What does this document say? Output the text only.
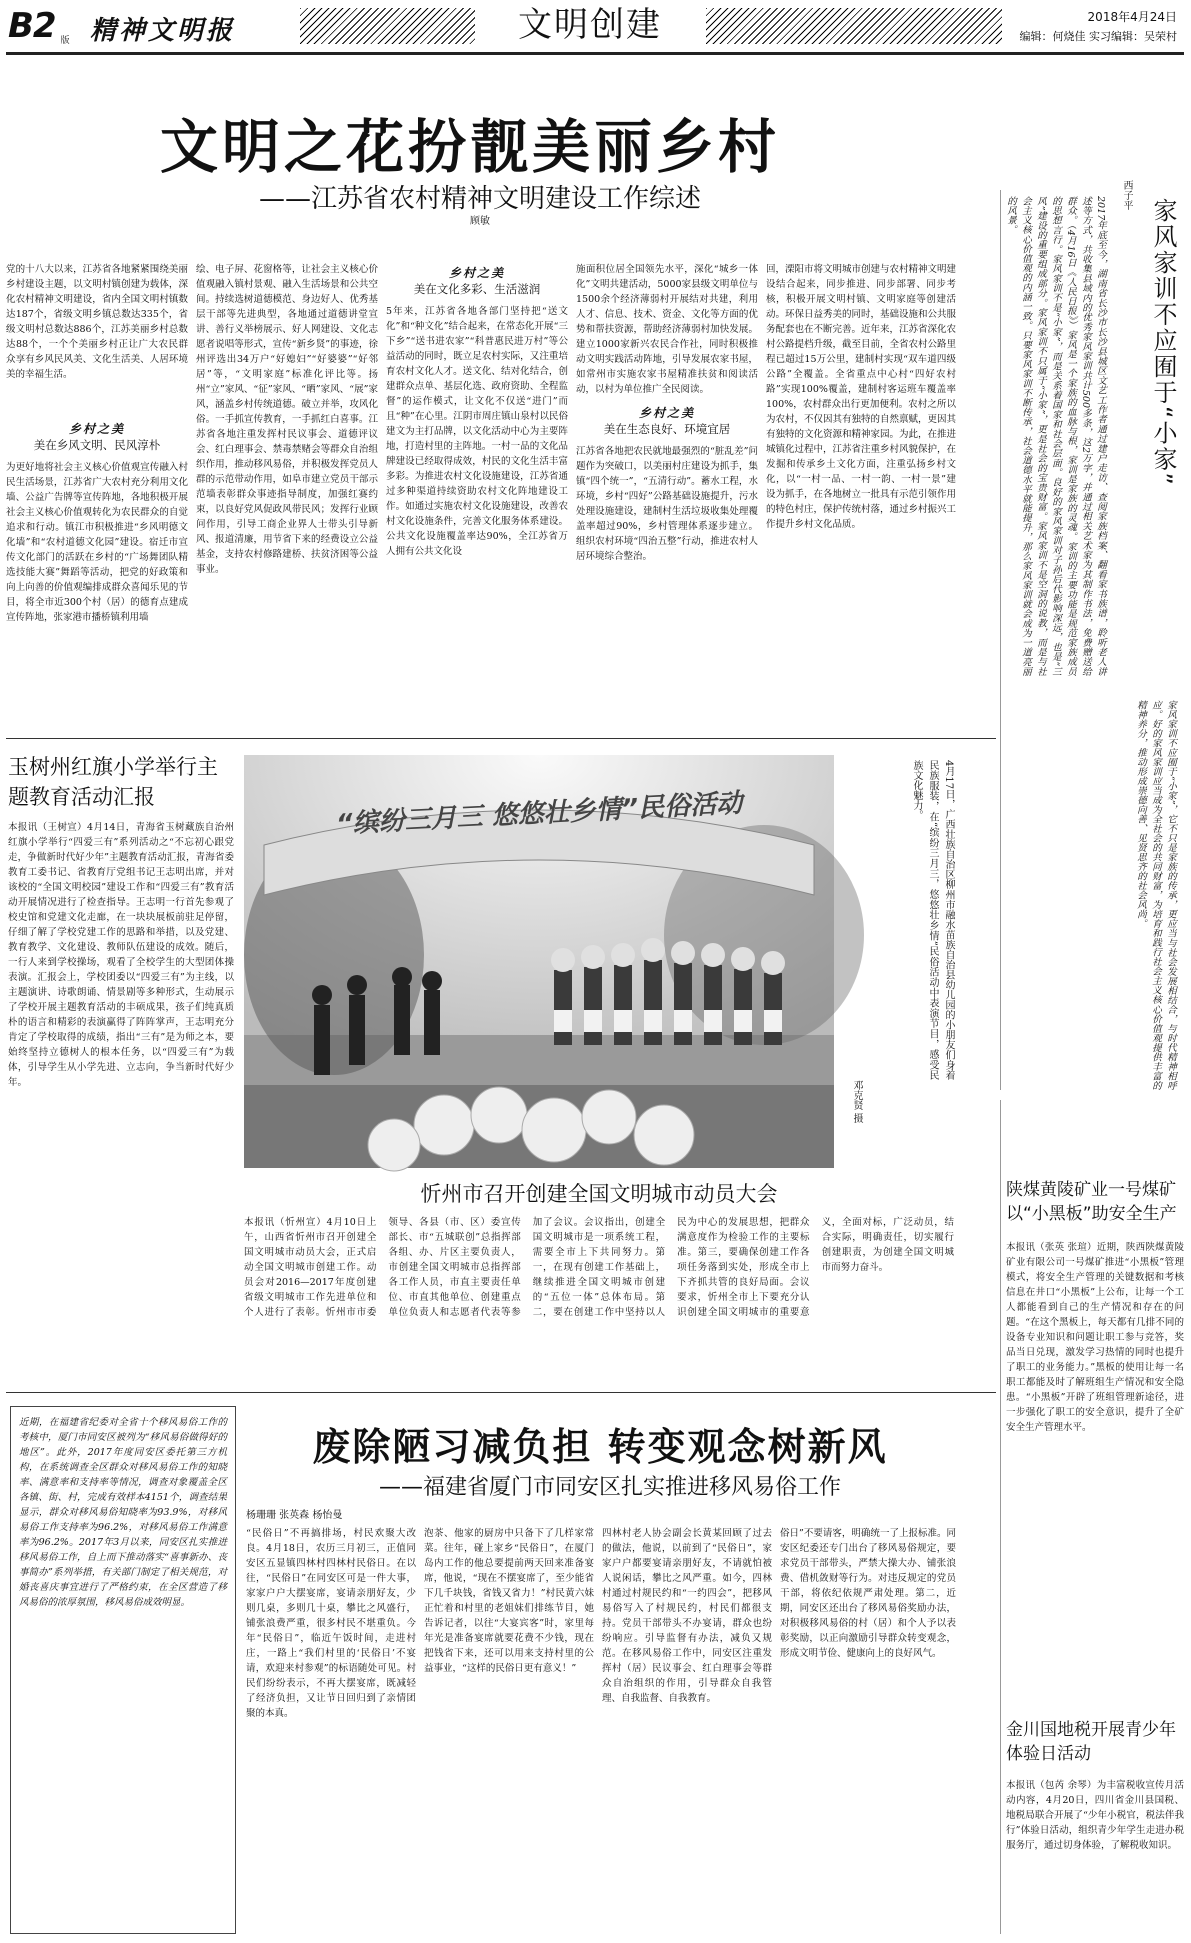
B2 版 精神文明报	文明创建	2018年4月24日
编辑：何烧佳 实习编辑：吴荣村
文明之花扮靓美丽乡村
——江苏省农村精神文明建设工作综述
顾敏
党的十八大以来，江苏省各地紧紧围绕美丽乡村建设主题，以文明村镇创建为载体，深化农村精神文明建设，省内全国文明村镇数达187个，省级文明乡镇总数达335个，省级文明村总数达886个，江苏美丽乡村总数达88个，一个个美丽乡村正让广大农民群众享有乡风民风美、文化生活美、人居环境美的幸福生活。
乡村之美
美在乡风文明、民风淳朴
为更好地将社会主义核心价值观宣传融入村民生活场景，江苏省广大农村充分利用文化墙、公益广告牌等宣传阵地，各地积极开展社会主义核心价值观转化为农民群众的自觉追求和行动。镇江市积极推进“乡风明德文化墙”和“农村道德文化园”建设。宿迁市宣传文化部门的活跃在乡村的“广场舞团队精选技能大赛”舞蹈等活动，把党的好政策和向上向善的价值观编排成群众喜闻乐见的节目，将全市近300个村（居）的德育点建成宣传阵地，张家港市播桥镇利用墙
绘、电子屏、花窗格等，让社会主义核心价值观融入镇村景观、融入生活场景和公共空间。持续选树道德模范、身边好人、优秀基层干部等先进典型，各地通过道德讲堂宣讲、善行义举榜展示、好人网建设、文化志愿者说唱等形式，宣传“新乡贤”的事迹，徐州评选出34万户“好媳妇”“好婆婆”“好邻居”等，“文明家庭”标准化评比等。扬州“立”家风、“征”家风、“晒”家风、“展”家风，涵盖乡村传统道德。破立并举，攻风化俗。一手抓宣传教育，一手抓红白喜事。江苏省各地注重发挥村民议事会、道德评议会、红白理事会、禁毒禁赌会等群众自治组织作用，推动移风易俗，并积极发挥党员人群的示范带动作用，如阜市建立党员干部示范墙表彰群众事迹指导制度，加强红赛约束，以良好党风促政风带民风；发挥行业顾问作用，引导工商企业界人士带头引导新风、报道清廉，用节省下来的经费设立公益基金，支持农村修路建桥、扶贫济困等公益事业。
乡村之美
美在文化多彩、生活滋润
5年来，江苏省各地各部门坚持把“送文化”和“种文化”结合起来，在常态化开展“三下乡”“送书进农家”“科普惠民进万村”等公益活动的同时，既立足农村实际，又注重培育农村文化人才。送文化、结对化结合，创建群众点单、基层化选、政府资助、全程监督”的运作模式，让文化不仅送“进门”而且“种”在心里。江阴市周庄镇山泉村以民俗建文为主打品牌，以文化活动中心为主要阵地，打造村里的主阵地。一村一品的文化品牌建设已经取得成效，村民的文化生活丰富多彩。为推进农村文化设施建设，江苏省通过多种渠道持续资助农村文化阵地建设工作。如通过实施农村文化设施建设，改善农村文化设施条件，完善文化服务体系建设。公共文化设施覆盖率达90%，全江苏省万人拥有公共文化设
施面积位居全国领先水平，深化“城乡一体化”文明共建活动，5000家县级文明单位与1500余个经济薄弱村开展结对共建，利用人才、信息、技术、资金、文化等方面的优势和帮扶资源，帮助经济薄弱村加快发展。建立1000家新兴农民合作社，同时积极推动文明实践活动阵地，引导发展农家书屋，如常州市实施农家书屋精准扶贫和阅读活动，以村为单位推广全民阅读。
乡村之美
美在生态良好、环境宜居
江苏省各地把农民就地最强烈的“脏乱差”问题作为突破口，以美丽村庄建设为抓手，集镇“四个统一”，“五清行动”。蓄水工程，水环境，乡村“四好”公路基础设施提升，污水处理设施建设，建制村生活垃圾收集处理覆盖率超过90%，乡村管理体系逐步建立。组织农村环境“四治五整”行动，推进农村人居环境综合整治。
回，溧阳市将文明城市创建与农村精神文明建设结合起来，同步推进、同步部署、同步考核，积极开展文明村镇、文明家庭等创建活动。环保日益秀美的同时，基础设施和公共服务配套也在不断完善。近年来，江苏省深化农村公路提档升级，截至目前，全省农村公路里程已超过15万公里，建制村实现“双车道四级公路”全覆盖。全省重点中心村“四好农村路”实现100%覆盖，建制村客运班车覆盖率100%，农村群众出行更加便利。农村之所以为农村，不仅因其有独特的自然禀赋，更因其有独特的文化资源和精神家园。为此，在推进城镇化过程中，江苏省注重乡村风貌保护，在发掘和传承乡土文化方面，注重弘扬乡村文化，以“一村一品、一村一韵、一村一景”建设为抓手，在各地树立一批具有示范引领作用的特色村庄，保护传统村落，通过乡村振兴工作提升乡村文化品质。
家风家训不应囿于“小家”
西子平
2017年底至今，湖南省长沙市长沙县城区文艺工作者通过建户走访、查阅家族档案、翻看家书族谱，聆听老人讲述等方式，共收集县域内的优秀家风家训共计500多条，这2万字，并通过相关艺术家为其制作书法，免费赠送给群众。（4月16日《人民日报》）家风是一个家族的血脉与根，家训是家族的灵魂。家训的主要功能是规范家族成员的思想言行。家风家训不是“小家”，而是关系着国家和社会层面。良好的家风家训对子孙后代影响深远，也是“三风”建设的重要组成部分。家风家训不只属于“小家”，更是社会的宝贵财富。家风家训不是空洞的说教，而是与社会主义核心价值观的内涵一致。只要家风家训不断传承，社会道德水平就能提升，那么家风家训就会成为一道亮丽的风景。
家风家训不应囿于“小家”，它不只是家族的传承，更应当与社会发展相结合，与时代精神相呼应。好的家风家训应当成为全社会的共同财富，为培育和践行社会主义核心价值观提供丰富的精神养分，推动形成崇德向善、见贤思齐的社会风尚。
玉树州红旗小学举行主题教育活动汇报
本报讯（王树宣）4月14日，青海省玉树藏族自治州红旗小学举行“四爱三有”系列活动之“不忘初心跟党走，争做新时代好少年”主题教育活动汇报，青海省委教育工委书记、省教育厅党组书记王志明出席，并对该校的“全国文明校园”建设工作和“四爱三有”教育活动开展情况进行了检查指导。王志明一行首先参观了校史馆和党建文化走廊，在一块块展板前驻足停留，仔细了解了学校党建工作的思路和举措，以及党建、教育教学、文化建设、教师队伍建设的成效。随后，一行人来到学校操场，观看了全校学生的大型团体操表演。汇报会上，学校团委以“四爱三有”为主线，以主题演讲、诗歌朗诵、情景剧等多种形式，生动展示了学校开展主题教育活动的丰硕成果，孩子们纯真质朴的语言和精彩的表演赢得了阵阵掌声，王志明充分肯定了学校取得的成绩，指出“三有”是为师之本，要始终坚持立德树人的根本任务，以“四爱三有”为载体，引导学生从小学先进、立志向，争当新时代好少年。
“缤纷三月三 悠悠壮乡情”民俗活动	4月17日，广西壮族自治区柳州市融水苗族自治县幼儿园的小朋友们身着民族服装，在“缤纷三月三，悠悠壮乡情”民俗活动中表演节目，感受民族文化魅力。
邓克贤 摄
忻州市召开创建全国文明城市动员大会
本报讯（忻州宣）4月10日上午，山西省忻州市召开创建全国文明城市动员大会，正式启动全国文明城市创建工作。动员会对2016—2017年度创建省级文明城市工作先进单位和个人进行了表彰。忻州市市委领导、各县（市、区）委宣传部长、市“五城联创”总指挥部各组、办、片区主要负责人，市创建全国文明城市总指挥部各工作人员，市直主要责任单位、市直其他单位、创建重点单位负责人和志愿者代表等参加了会议。会议指出，创建全国文明城市是一项系统工程，需要全市上下共同努力。第一，在现有创建工作基础上，继续推进全国文明城市创建的“五位一体”总体布局。第二，要在创建工作中坚持以人民为中心的发展思想，把群众满意度作为检验工作的主要标准。第三，要确保创建工作各项任务落到实处，形成全市上下齐抓共管的良好局面。会议要求，忻州全市上下要充分认识创建全国文明城市的重要意义，全面对标，广泛动员，结合实际，明确责任，切实履行创建职责，为创建全国文明城市而努力奋斗。
陕煤黄陵矿业一号煤矿以“小黑板”助安全生产
本报讯（张英 张瑄）近期，陕西陕煤黄陵矿业有限公司一号煤矿推进“小黑板”管理模式，将安全生产管理的关键数据和考核信息在井口“小黑板”上公布，让每一个工人都能看到自己的生产情况和存在的问题。“在这个黑板上，每天都有几排不同的设备专业知识和问题让职工参与竞答，奖品当日兑现，激发学习热情的同时也提升了职工的业务能力。”黑板的使用让每一名职工都能及时了解班组生产情况和安全隐患。“小黑板”开辟了班组管理新途径，进一步强化了职工的安全意识，提升了全矿安全生产管理水平。
近期，在福建省纪委对全省十个移风易俗工作的考核中，厦门市同安区被列为“移风易俗做得好的地区”。此外，2017年度同安区委托第三方机构，在系统调查全区群众对移风易俗工作的知晓率、满意率和支持率等情况，调查对象覆盖全区各镇、街、村，完成有效样本4151个，调查结果显示，群众对移风易俗知晓率为93.9%，对移风易俗工作支持率为96.2%，对移风易俗工作满意率为96.2%。2017年3月以来，同安区扎实推进移风易俗工作，自上而下推动落实“喜事新办、丧事简办”系列举措，有关部门制定了相关规范，对婚丧喜庆事宜进行了严格约束，在全区营造了移风易俗的浓厚氛围，移风易俗成效明显。
废除陋习减负担 转变观念树新风
——福建省厦门市同安区扎实推进移风易俗工作
杨珊珊 张英森 杨怡曼
“民俗日”不再搞排场，村民欢聚大改良。4月18日，农历三月初三，正值同安区五显镇四林村四林村民俗日。在以往，“民俗日”在同安区可是一件大事，家家户户大摆宴席，宴请亲朋好友，少则几桌，多则几十桌，攀比之风盛行，铺张浪费严重，很多村民不堪重负。今年“民俗日”，临近午饭时间，走进村庄，一路上“我们村里的‘民俗日’不宴请，欢迎来村参观”的标语随处可见。村民们纷纷表示，不再大摆宴席，既减轻了经济负担，又让节日回归到了亲情团聚的本真。
泡茶、他家的厨房中只备下了几样家常菜。往年，碰上家乡“民俗日”，在厦门岛内工作的他总要提前两天回来准备宴席，他说，“现在不摆宴席了，至少能省下几千块钱，省钱又省力！”村民黄六妹正忙着和村里的老姐妹们排练节目，她告诉记者，以往“大宴宾客”时，家里每年光是准备宴席就要花费不少钱，现在把钱省下来，还可以用来支持村里的公益事业，“这样的民俗日更有意义！”
四林村老人协会副会长黄某回顾了过去的做法，他说，以前到了“民俗日”，家家户户都要宴请亲朋好友，不请就怕被人说闲话，攀比之风严重。如今，四林村通过村规民约和“一约四会”，把移风易俗写入了村规民约，村民们都很支持。党员干部带头不办宴请，群众也纷纷响应。引导监督有办法，减负又规范。在移风易俗工作中，同安区注重发挥村（居）民议事会、红白理事会等群众自治组织的作用，引导群众自我管理、自我监督、自我教育。
俗日”不要请客，明确统一了上报标准。同安区纪委还专门出台了移风易俗规定，要求党员干部带头，严禁大操大办、铺张浪费、借机敛财等行为。对违反规定的党员干部，将依纪依规严肃处理。第二，近期，同安区还出台了移风易俗奖励办法，对积极移风易俗的村（居）和个人予以表彰奖励，以正向激励引导群众转变观念，形成文明节俭、健康向上的良好风气。
金川国地税开展青少年体验日活动
本报讯（包芮 余琴）为丰富税收宣传月活动内容，4月20日，四川省金川县国税、地税局联合开展了“少年小税官，税法伴我行”体验日活动，组织青少年学生走进办税服务厅，通过切身体验，了解税收知识。
